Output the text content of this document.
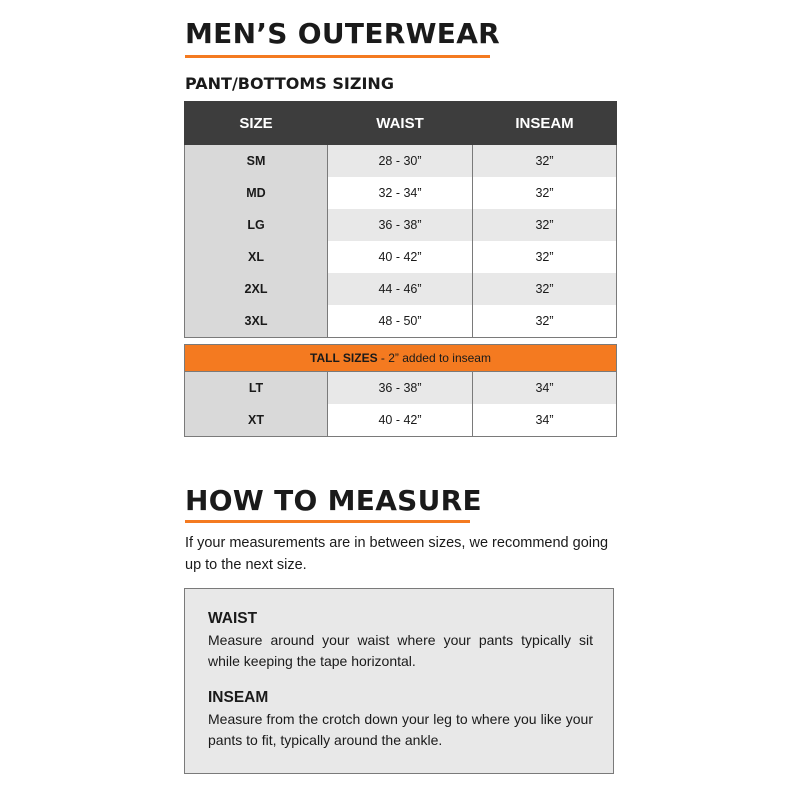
MEN’S OUTERWEAR
PANT/BOTTOMS SIZING
SIZE	WAIST	INSEAM
SM	28 - 30”	32”
MD	32 - 34”	32”
LG	36 - 38”	32”
XL	40 - 42”	32”
2XL	44 - 46”	32”
3XL	48 - 50”	32”

TALL SIZES - 2” added to inseam		
LT	36 - 38”	34”
XT	40 - 42”	34”
HOW TO MEASURE
If your measurements are in between sizes, we recommend going up to the next size.
WAIST
Measure around your waist where your pants typically sit while keeping the tape horizontal.
INSEAM
Measure from the crotch down your leg to where you like your pants to fit, typically around the ankle.
